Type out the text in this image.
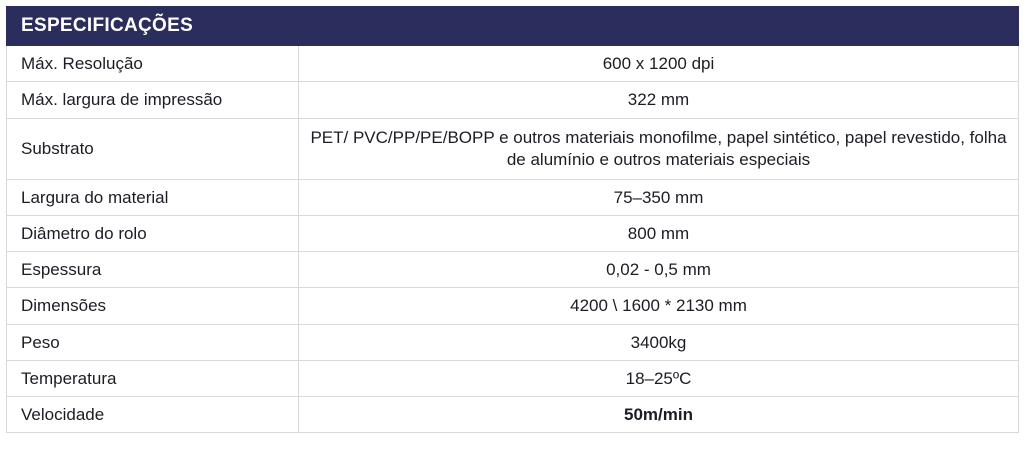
ESPECIFICAÇÕES	
Máx. Resolução	600 x 1200 dpi
Máx. largura de impressão	322 mm
Substrato	PET/ PVC/PP/PE/BOPP e outros materiais monofilme, papel sintético, papel revestido, folha de alumínio e outros materiais especiais
Largura do material	75–350 mm
Diâmetro do rolo	800 mm
Espessura	0,02 - 0,5 mm
Dimensões	4200 \ 1600 * 2130 mm
Peso	3400kg
Temperatura	18–25ºC
Velocidade	50m/min
